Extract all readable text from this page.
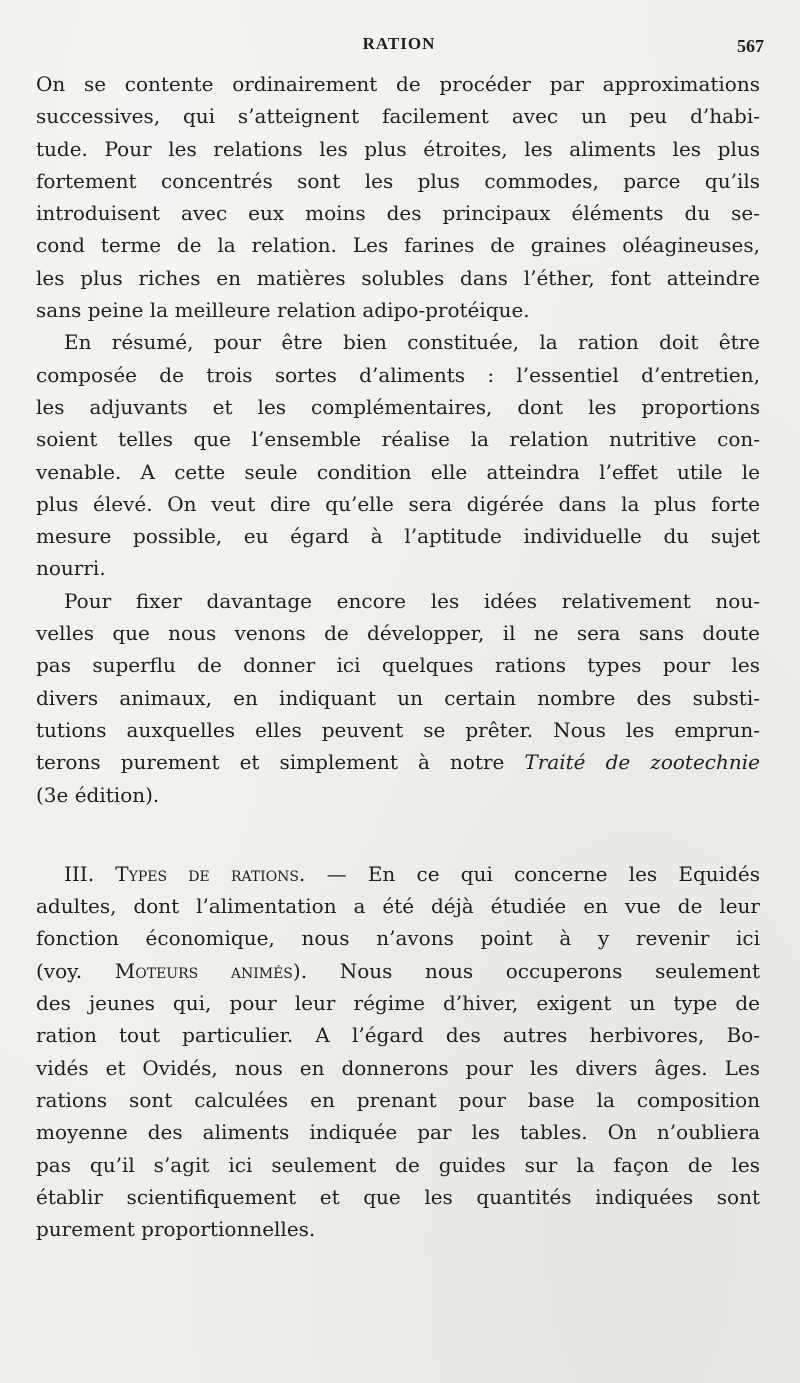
RATION	567
On se contente ordinairement de procéder par approximations
successives, qui s’atteignent facilement avec un peu d’habi-
tude. Pour les relations les plus étroites, les aliments les plus
fortement concentrés sont les plus commodes, parce qu’ils
introduisent avec eux moins des principaux éléments du se-
cond terme de la relation. Les farines de graines oléagineuses,
les plus riches en matières solubles dans l’éther, font atteindre
sans peine la meilleure relation adipo-protéique.
En résumé, pour être bien constituée, la ration doit être
composée de trois sortes d’aliments : l’essentiel d’entretien,
les adjuvants et les complémentaires, dont les proportions
soient telles que l’ensemble réalise la relation nutritive con-
venable. A cette seule condition elle atteindra l’effet utile le
plus élevé. On veut dire qu’elle sera digérée dans la plus forte
mesure possible, eu égard à l’aptitude individuelle du sujet
nourri.
Pour fixer davantage encore les idées relativement nou-
velles que nous venons de développer, il ne sera sans doute
pas superflu de donner ici quelques rations types pour les
divers animaux, en indiquant un certain nombre des substi-
tutions auxquelles elles peuvent se prêter. Nous les emprun-
terons purement et simplement à notre Traité de zootechnie
(3e édition).
III. Types de rations. — En ce qui concerne les Equidés
adultes, dont l’alimentation a été déjà étudiée en vue de leur
fonction économique, nous n’avons point à y revenir ici
(voy. Moteurs animés). Nous nous occuperons seulement
des jeunes qui, pour leur régime d’hiver, exigent un type de
ration tout particulier. A l’égard des autres herbivores, Bo-
vidés et Ovidés, nous en donnerons pour les divers âges. Les
rations sont calculées en prenant pour base la composition
moyenne des aliments indiquée par les tables. On n’oubliera
pas qu’il s’agit ici seulement de guides sur la façon de les
établir scientifiquement et que les quantités indiquées sont
purement proportionnelles.
